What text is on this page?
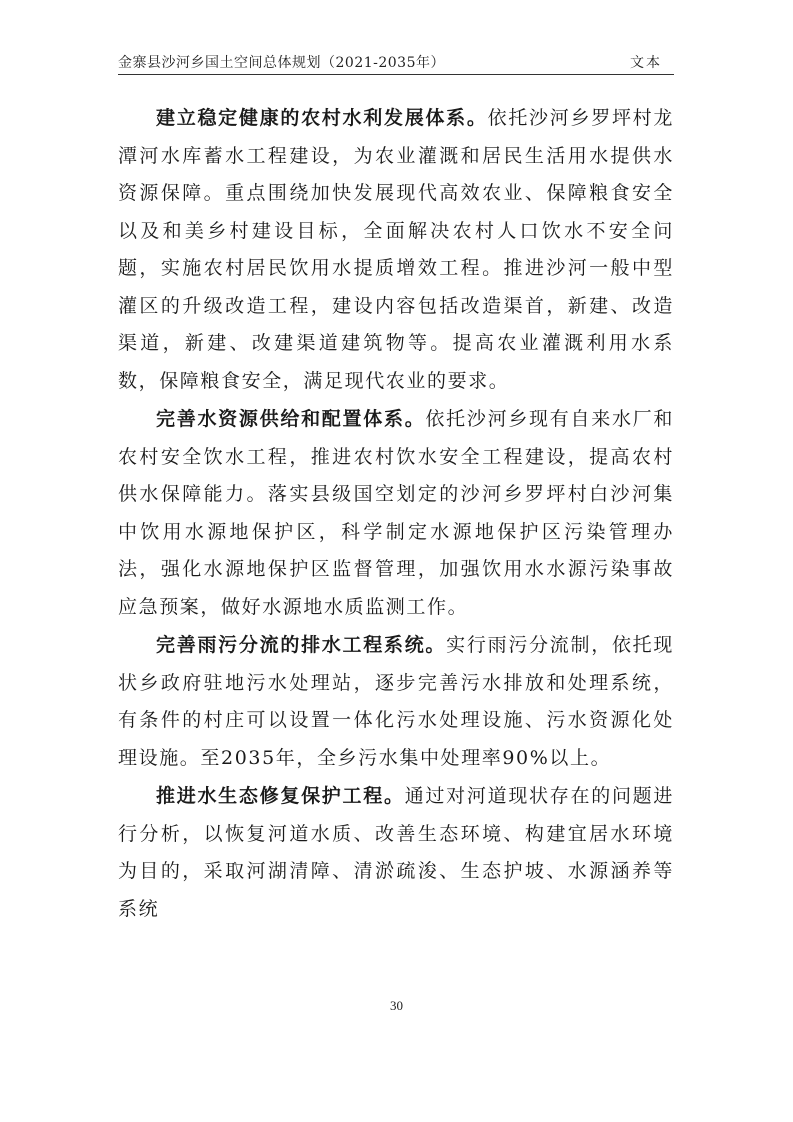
金寨县沙河乡国土空间总体规划（2021-2035年）	文本

建立稳定健康的农村水利发展体系。依托沙河乡罗坪村龙潭河水库蓄水工程建设，为农业灌溉和居民生活用水提供水资源保障。重点围绕加快发展现代高效农业、保障粮食安全以及和美乡村建设目标，全面解决农村人口饮水不安全问题，实施农村居民饮用水提质增效工程。推进沙河一般中型灌区的升级改造工程，建设内容包括改造渠首，新建、改造渠道，新建、改建渠道建筑物等。提高农业灌溉利用水系数，保障粮食安全，满足现代农业的要求。

完善水资源供给和配置体系。依托沙河乡现有自来水厂和农村安全饮水工程，推进农村饮水安全工程建设，提高农村供水保障能力。落实县级国空划定的沙河乡罗坪村白沙河集中饮用水源地保护区，科学制定水源地保护区污染管理办法，强化水源地保护区监督管理，加强饮用水水源污染事故应急预案，做好水源地水质监测工作。

完善雨污分流的排水工程系统。实行雨污分流制，依托现状乡政府驻地污水处理站，逐步完善污水排放和处理系统，有条件的村庄可以设置一体化污水处理设施、污水资源化处理设施。至2035年，全乡污水集中处理率90%以上。

推进水生态修复保护工程。通过对河道现状存在的问题进行分析，以恢复河道水质、改善生态环境、构建宜居水环境为目的，采取河湖清障、清淤疏浚、生态护坡、水源涵养等系统

30
